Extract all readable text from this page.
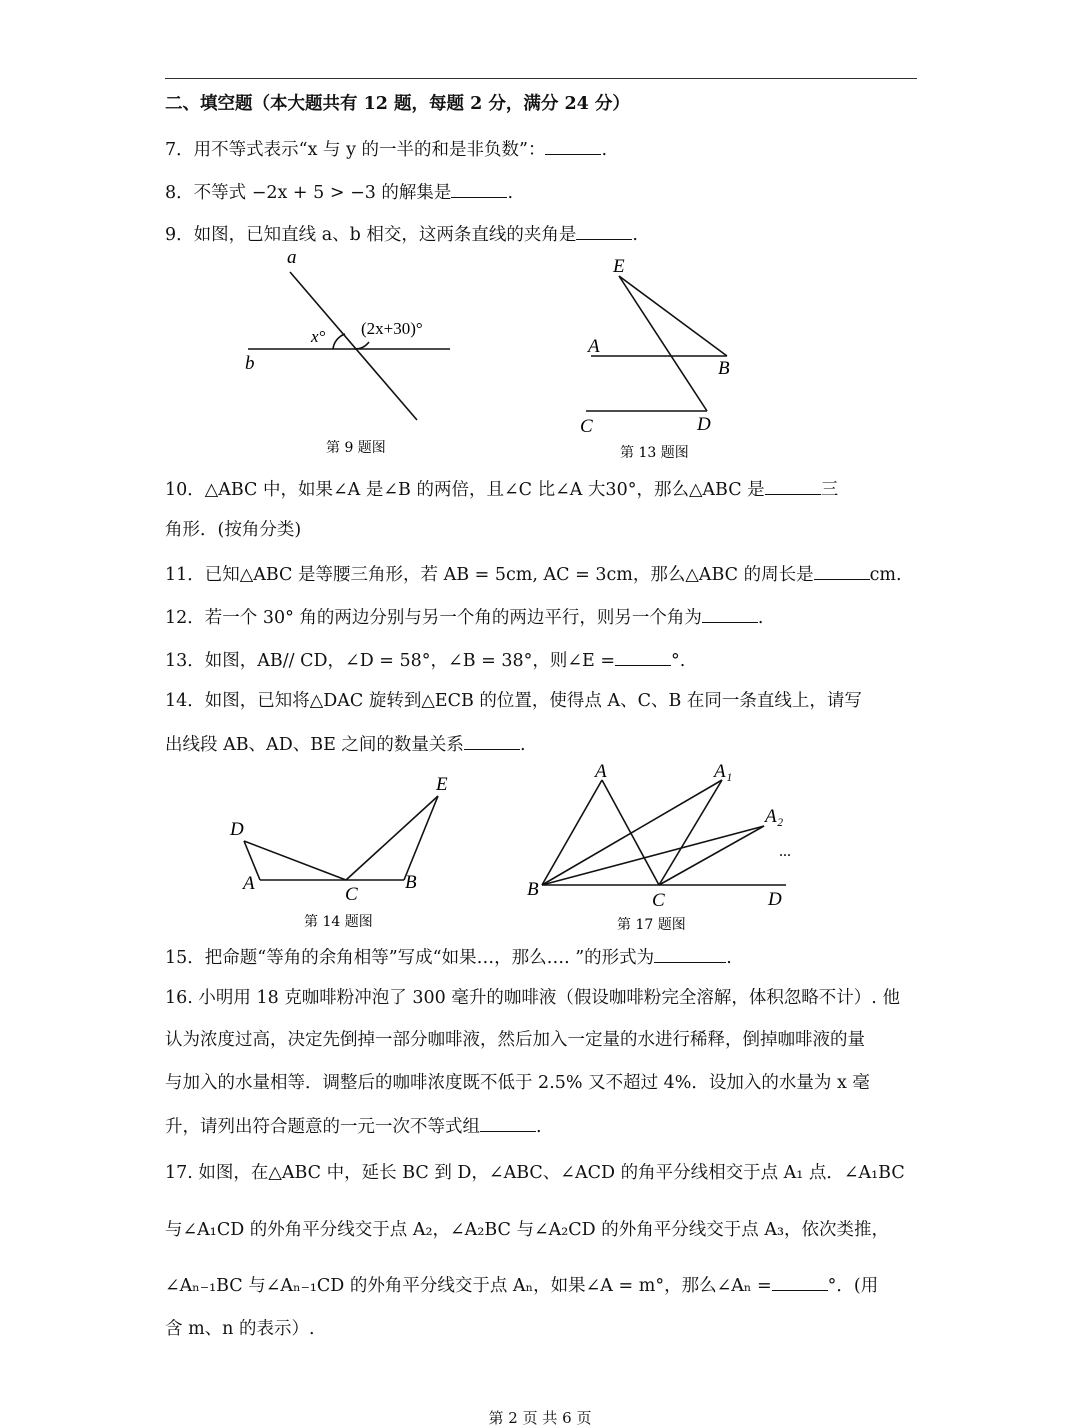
二、填空题（本大题共有 12 题，每题 2 分，满分 24 分）
7．用不等式表示“x 与 y 的一半的和是非负数”：	.
8．不等式 −2x + 5 > −3 的解集是	.
9．如图，已知直线 a、b 相交，这两条直线的夹角是	.
a
b
x° (2x+30)°
第 9 题图
E
A
B
C	D
第 13 题图
10．△ABC 中，如果∠A 是∠B 的两倍，且∠C 比∠A 大30°，那么△ABC 是	三
角形．(按角分类)
11．已知△ABC 是等腰三角形，若 AB = 5cm, AC = 3cm，那么△ABC 的周长是	cm.
12．若一个 30° 角的两边分别与另一个角的两边平行，则另一个角为	.
13．如图，AB// CD，∠D = 58°，∠B = 38°，则∠E =	°.
14．如图，已知将△DAC 旋转到△ECB 的位置，使得点 A、C、B 在同一条直线上，请写
出线段 AB、AD、BE 之间的数量关系	.
D
A
C
B
E
第 14 题图
A	A₁
A₂
...
B
C	D
第 17 题图
15．把命题“等角的余角相等”写成“如果…，那么…. ”的形式为	.
16. 小明用 18 克咖啡粉冲泡了 300 毫升的咖啡液（假设咖啡粉完全溶解，体积忽略不计）. 他
认为浓度过高，决定先倒掉一部分咖啡液，然后加入一定量的水进行稀释，倒掉咖啡液的量
与加入的水量相等．调整后的咖啡浓度既不低于 2.5% 又不超过 4%．设加入的水量为 x 毫
升，请列出符合题意的一元一次不等式组	.
17. 如图，在△ABC 中，延长 BC 到 D，∠ABC、∠ACD 的角平分线相交于点 A₁ 点．∠A₁BC
与∠A₁CD 的外角平分线交于点 A₂，∠A₂BC 与∠A₂CD 的外角平分线交于点 A₃，依次类推，
∠Aₙ₋₁BC 与∠Aₙ₋₁CD 的外角平分线交于点 Aₙ，如果∠A = m°，那么∠Aₙ =	°．(用
含 m、n 的表示）.
第 2 页 共 6 页
